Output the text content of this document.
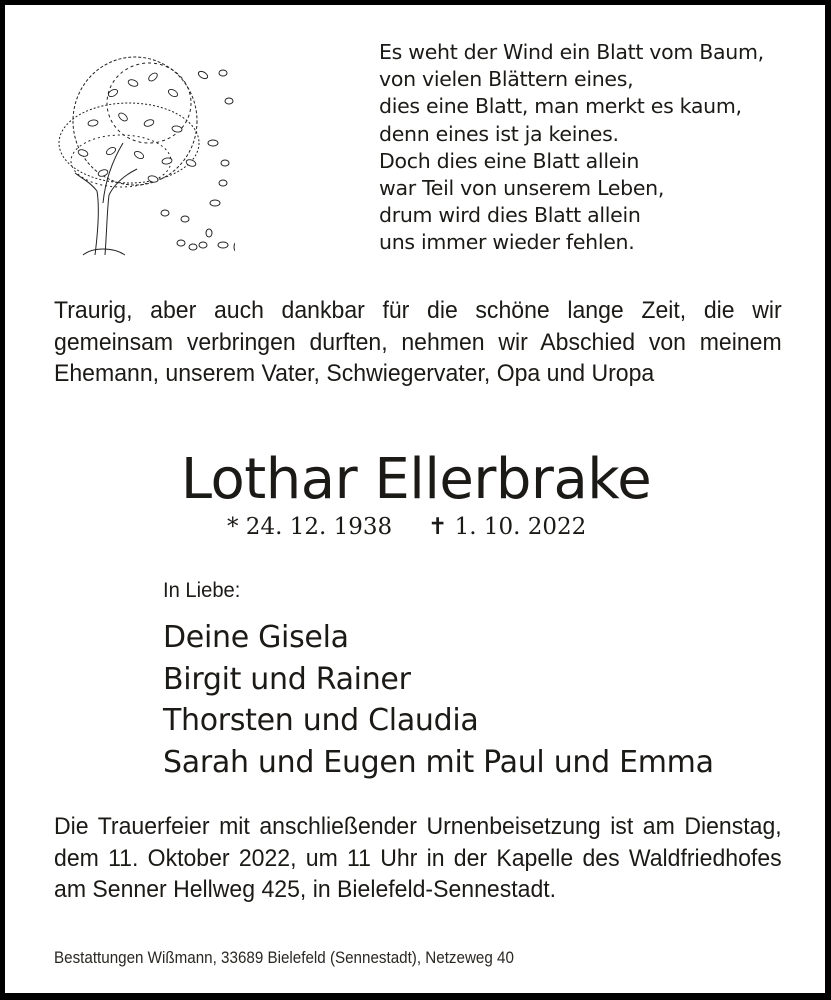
Es weht der Wind ein Blatt vom Baum,
von vielen Blättern eines,
dies eine Blatt, man merkt es kaum,
denn eines ist ja keines.
Doch dies eine Blatt allein
war Teil von unserem Leben,
drum wird dies Blatt allein
uns immer wieder fehlen.
Traurig, aber auch dankbar für die schöne lange Zeit, die wir gemeinsam verbringen durften, nehmen wir Abschied von meinem Ehemann, unserem Vater, Schwiegervater, Opa und Uropa
Lothar Ellerbrake
* 24. 12. 1938 ✝ 1. 10. 2022
In Liebe:
Deine Gisela
Birgit und Rainer
Thorsten und Claudia
Sarah und Eugen mit Paul und Emma
Die Trauerfeier mit anschließender Urnenbeisetzung ist am Dienstag, dem 11. Oktober 2022, um 11 Uhr in der Kapelle des Waldfriedhofes am Senner Hellweg 425, in Bielefeld-Sennestadt.
Bestattungen Wißmann, 33689 Bielefeld (Sennestadt), Netzeweg 40
